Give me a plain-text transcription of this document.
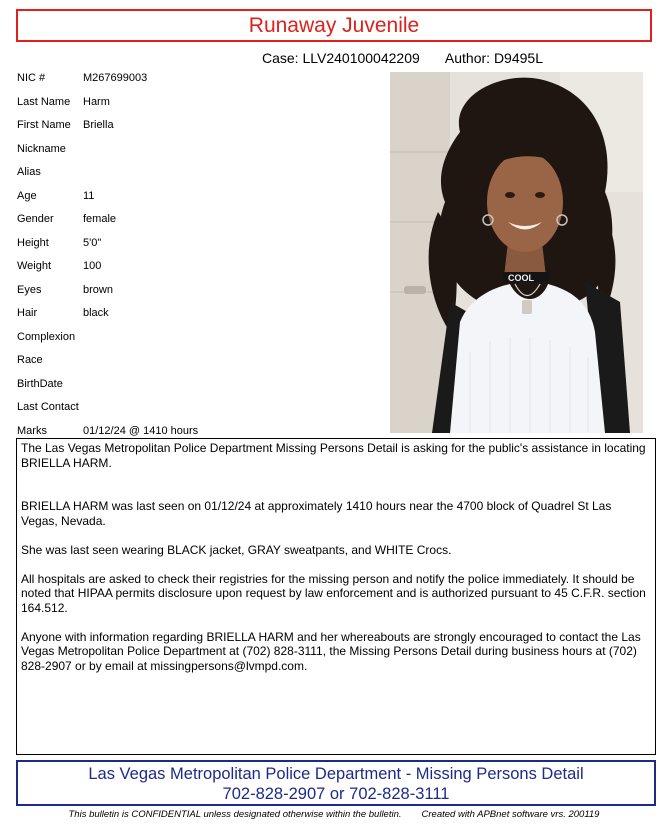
Runaway Juvenile
Case: LLV240100042209 Author: D9495L
NIC #	M267699003
Last Name	Harm
First Name	Briella
Nickname
Alias
Age	11
Gender	female
Height	5'0"
Weight	100
Eyes	brown
Hair	black
Complexion
Race
BirthDate
Last Contact
Marks	01/12/24 @ 1410 hours
COOL

The Las Vegas Metropolitan Police Department Missing Persons Detail is asking for the public's assistance in locating BRIELLA HARM.

BRIELLA HARM was last seen on 01/12/24 at approximately 1410 hours near the 4700 block of Quadrel St Las Vegas, Nevada.

She was last seen wearing BLACK jacket, GRAY sweatpants, and WHITE Crocs.

All hospitals are asked to check their registries for the missing person and notify the police immediately. It should be noted that HIPAA permits disclosure upon request by law enforcement and is authorized pursuant to 45 C.F.R. section 164.512.

Anyone with information regarding BRIELLA HARM and her whereabouts are strongly encouraged to contact the Las Vegas Metropolitan Police Department at (702) 828-3111, the Missing Persons Detail during business hours at (702) 828-2907 or by email at missingpersons@lvmpd.com.

Las Vegas Metropolitan Police Department - Missing Persons Detail
702-828-2907 or 702-828-3111
This bulletin is CONFIDENTIAL unless designated otherwise within the bulletin. Created with APBnet software vrs. 200119
